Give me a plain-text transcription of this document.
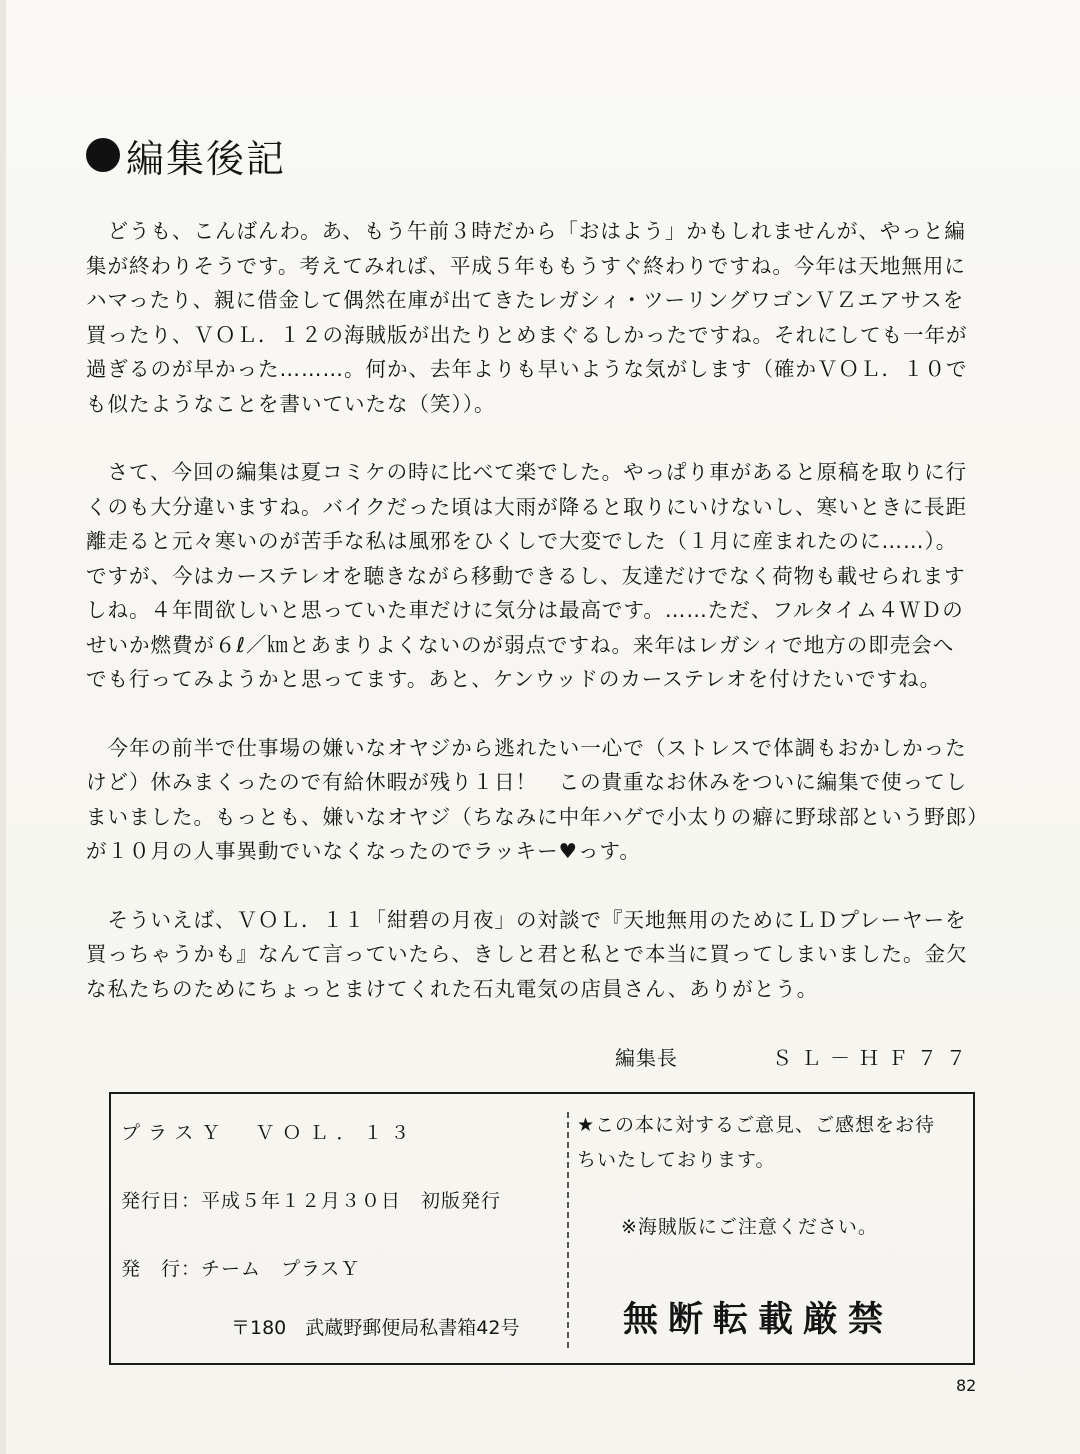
編集後記
　どうも、こんばんわ。あ、もう午前３時だから「おはよう」かもしれませんが、やっと編
集が終わりそうです。考えてみれば、平成５年ももうすぐ終わりですね。今年は天地無用に
ハマったり、親に借金して偶然在庫が出てきたレガシィ・ツーリングワゴンＶＺエアサスを
買ったり、ＶＯＬ．１２の海賊版が出たりとめまぐるしかったですね。それにしても一年が
過ぎるのが早かった………。何か、去年よりも早いような気がします（確かＶＯＬ．１０で
も似たようなことを書いていたな（笑））。
　さて、今回の編集は夏コミケの時に比べて楽でした。やっぱり車があると原稿を取りに行
くのも大分違いますね。バイクだった頃は大雨が降ると取りにいけないし、寒いときに長距
離走ると元々寒いのが苦手な私は風邪をひくしで大変でした（１月に産まれたのに……）。
ですが、今はカーステレオを聴きながら移動できるし、友達だけでなく荷物も載せられます
しね。４年間欲しいと思っていた車だけに気分は最高です。……ただ、フルタイム４ＷＤの
せいか燃費が６ℓ／㎞とあまりよくないのが弱点ですね。来年はレガシィで地方の即売会へ
でも行ってみようかと思ってます。あと、ケンウッドのカーステレオを付けたいですね。
　今年の前半で仕事場の嫌いなオヤジから逃れたい一心で（ストレスで体調もおかしかった
けど）休みまくったので有給休暇が残り１日！　この貴重なお休みをついに編集で使ってし
まいました。もっとも、嫌いなオヤジ（ちなみに中年ハゲで小太りの癖に野球部という野郎）
が１０月の人事異動でいなくなったのでラッキー♥っす。
　そういえば、ＶＯＬ．１１「紺碧の月夜」の対談で『天地無用のためにＬＤプレーヤーを
買っちゃうかも』なんて言っていたら、きしと君と私とで本当に買ってしまいました。金欠
な私たちのためにちょっとまけてくれた石丸電気の店員さん、ありがとう。
編集長	ＳＬ－ＨＦ７７
プラスＹ　ＶＯＬ．１３
発行日：平成５年１２月３０日　初版発行
発　行：チーム　プラスＹ
〒180　武蔵野郵便局私書箱42号
★この本に対するご意見、ご感想をお待
ちいたしております。
※海賊版にご注意ください。
無断転載厳禁
82
